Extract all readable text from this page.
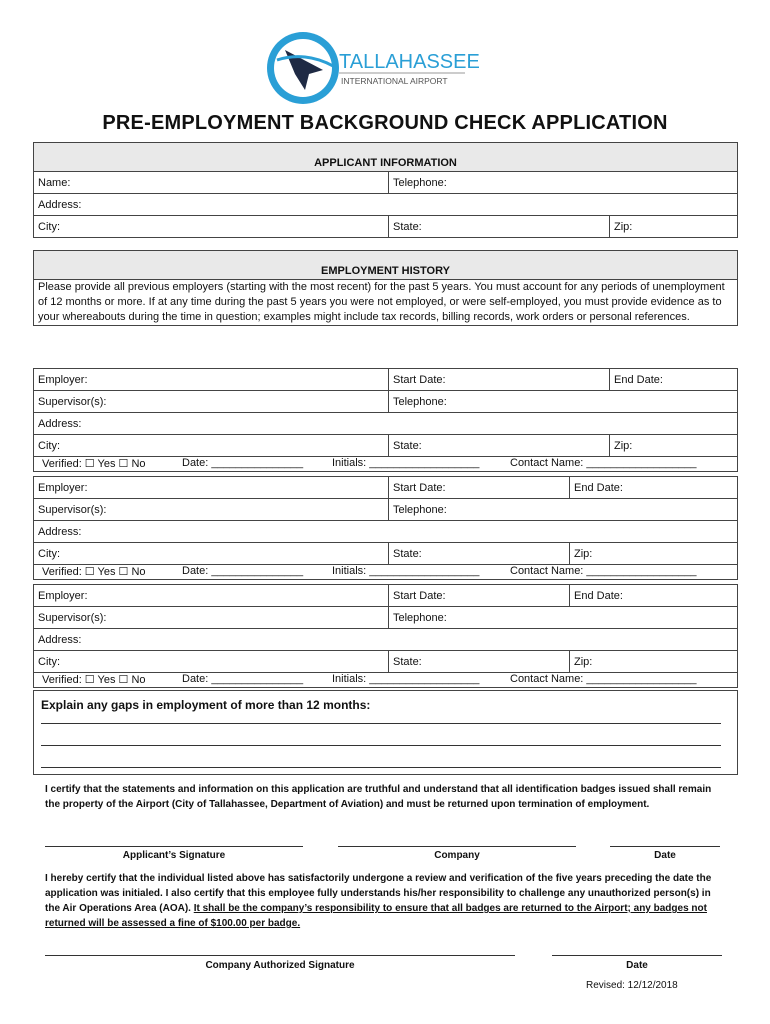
TALLAHASSEE
INTERNATIONAL AIRPORT
PRE-EMPLOYMENT BACKGROUND CHECK APPLICATION
APPLICANT INFORMATION		
Name:	Telephone:	
Address:		
City:	State:	Zip:
EMPLOYMENT HISTORY
Please provide all previous employers (starting with the most recent) for the past 5 years. You must account for any periods of unemployment of 12 months or more. If at any time during the past 5 years you were not employed, or were self-employed, you must provide evidence as to your whereabouts during the time in question; examples might include tax records, billing records, work orders or personal references.
Employer:	Start Date:	End Date:
Supervisor(s):	Telephone:	
Address:		
City:	State:	Zip:
Verified: ☐ Yes ☐ No	Date: _______________	Initials: __________________	Contact Name: __________________
Employer:	Start Date:	End Date:
Supervisor(s):	Telephone:	
Address:		
City:	State:	Zip:
Verified: ☐ Yes ☐ No	Date: _______________	Initials: __________________	Contact Name: __________________
Employer:	Start Date:	End Date:
Supervisor(s):	Telephone:	
Address:		
City:	State:	Zip:
Verified: ☐ Yes ☐ No	Date: _______________	Initials: __________________	Contact Name: __________________
Explain any gaps in employment of more than 12 months:
I certify that the statements and information on this application are truthful and understand that all identification badges issued shall remain the property of the Airport (City of Tallahassee, Department of Aviation) and must be returned upon termination of employment.
Applicant’s Signature	Company	Date
I hereby certify that the individual listed above has satisfactorily undergone a review and verification of the five years preceding the date the application was initialed. I also certify that this employee fully understands his/her responsibility to challenge any unauthorized person(s) in the Air Operations Area (AOA). It shall be the company’s responsibility to ensure that all badges are returned to the Airport; any badges not returned will be assessed a fine of $100.00 per badge.
Company Authorized Signature	Date
Revised: 12/12/2018
